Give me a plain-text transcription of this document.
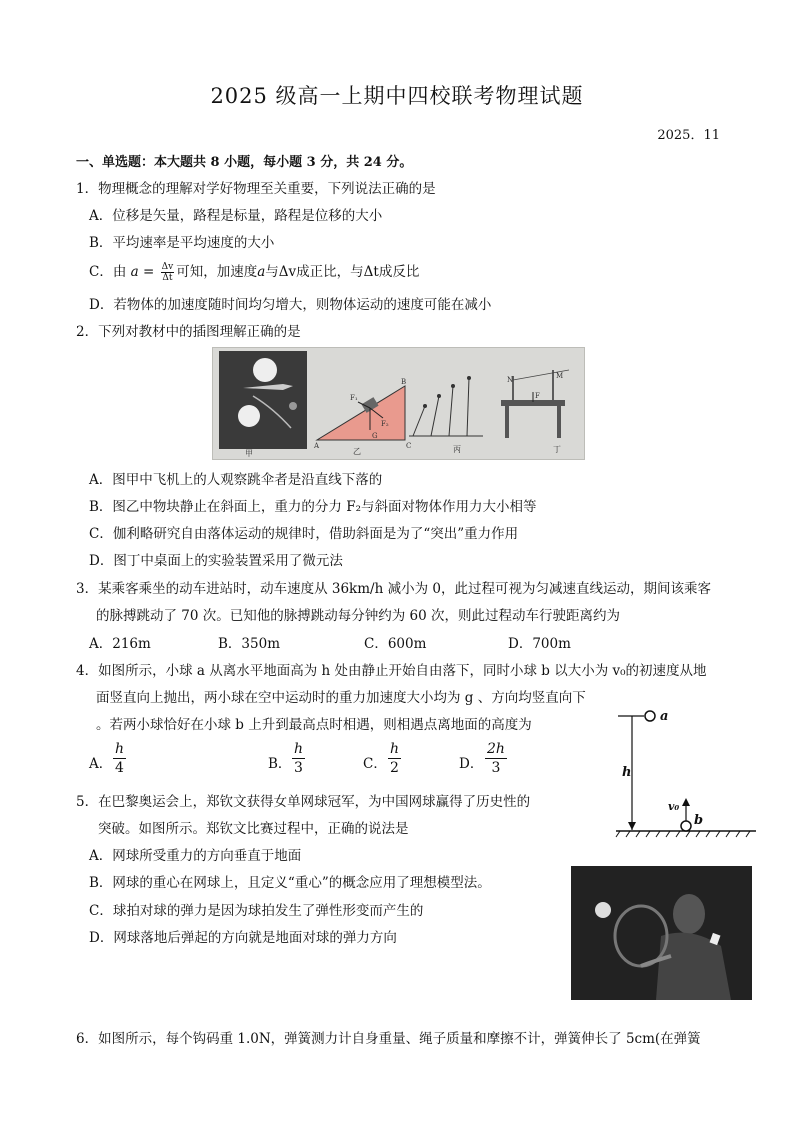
2025 级高一上期中四校联考物理试题
2025．11
一、单选题：本大题共 8 小题，每小题 3 分，共 24 分。
1．物理概念的理解对学好物理至关重要，下列说法正确的是
A．位移是矢量，路程是标量，路程是位移的大小
B．平均速率是平均速度的大小
C．由 $a = \frac{\Delta v}{\Delta t}$ 可知，加速度a与Δv成正比，与Δt成反比
D．若物体的加速度随时间均匀增大，则物体运动的速度可能在减小
2．下列对教材中的插图理解正确的是
甲
A
B
C
F₁
F₂
G
乙	丙
N	M
F
丁
A．图甲中飞机上的人观察跳伞者是沿直线下落的
B．图乙中物块静止在斜面上，重力的分力 F₂与斜面对物体作用力大小相等
C．伽利略研究自由落体运动的规律时，借助斜面是为了“突出”重力作用
D．图丁中桌面上的实验装置采用了微元法
3．某乘客乘坐的动车进站时，动车速度从 36km/h 减小为 0，此过程可视为匀减速直线运动，期间该乘客
的脉搏跳动了 70 次。已知他的脉搏跳动每分钟约为 60 次，则此过程动车行驶距离约为
A．216m	B．350m	C．600m	D．700m
4．如图所示，小球 a 从离水平地面高为 h 处由静止开始自由落下，同时小球 b 以大小为 v₀的初速度从地
面竖直向上抛出，两小球在空中运动时的重力加速度大小均为 g 、方向均竖直向下
。若两小球恰好在小球 b 上升到最高点时相遇，则相遇点离地面的高度为
A． $\frac{h}{4}$	B． $\frac{h}{3}$	C． $\frac{h}{2}$	D． $\frac{2h}{3}$
a
h
v₀
b
5．在巴黎奥运会上，郑钦文获得女单网球冠军，为中国网球赢得了历史性的
突破。如图所示。郑钦文比赛过程中，正确的说法是
A．网球所受重力的方向垂直于地面
B．网球的重心在网球上，且定义“重心”的概念应用了理想模型法。
C．球拍对球的弹力是因为球拍发生了弹性形变而产生的
D．网球落地后弹起的方向就是地面对球的弹力方向
6．如图所示，每个钩码重 1.0N，弹簧测力计自身重量、绳子质量和摩擦不计，弹簧伸长了 5cm(在弹簧
